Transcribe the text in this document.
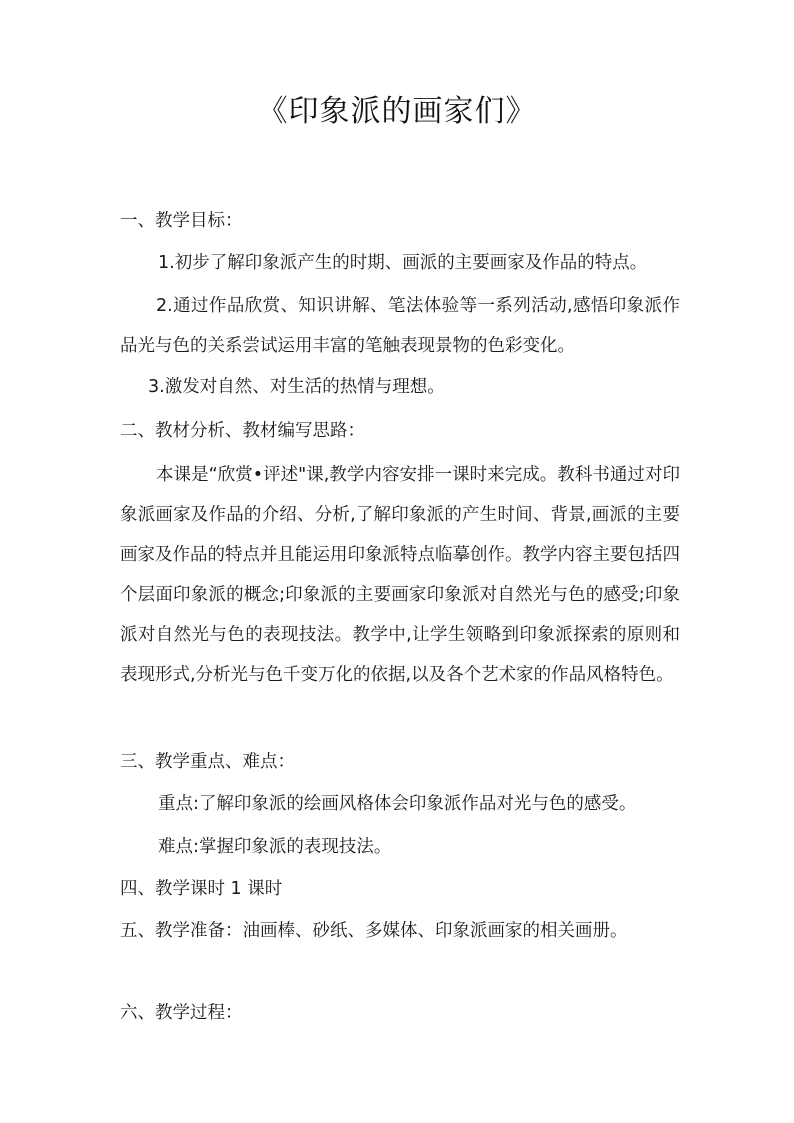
《印象派的画家们》
一、教学目标：
1.初步了解印象派产生的时期、画派的主要画家及作品的特点。
2.通过作品欣赏、知识讲解、笔法体验等一系列活动,感悟印象派作品光与色的关系尝试运用丰富的笔触表现景物的色彩变化。
3.激发对自然、对生活的热情与理想。
二、教材分析、教材编写思路：
本课是“欣赏•评述"课,教学内容安排一课时来完成。教科书通过对印象派画家及作品的介绍、分析,了解印象派的产生时间、背景,画派的主要画家及作品的特点并且能运用印象派特点临摹创作。教学内容主要包括四个层面印象派的概念;印象派的主要画家印象派对自然光与色的感受;印象派对自然光与色的表现技法。教学中,让学生领略到印象派探索的原则和表现形式,分析光与色千变万化的依据,以及各个艺术家的作品风格特色。
三、教学重点、难点：
重点:了解印象派的绘画风格体会印象派作品对光与色的感受。
难点:掌握印象派的表现技法。
四、教学课时 1 课时
五、教学准备：油画棒、砂纸、多媒体、印象派画家的相关画册。
六、教学过程：
